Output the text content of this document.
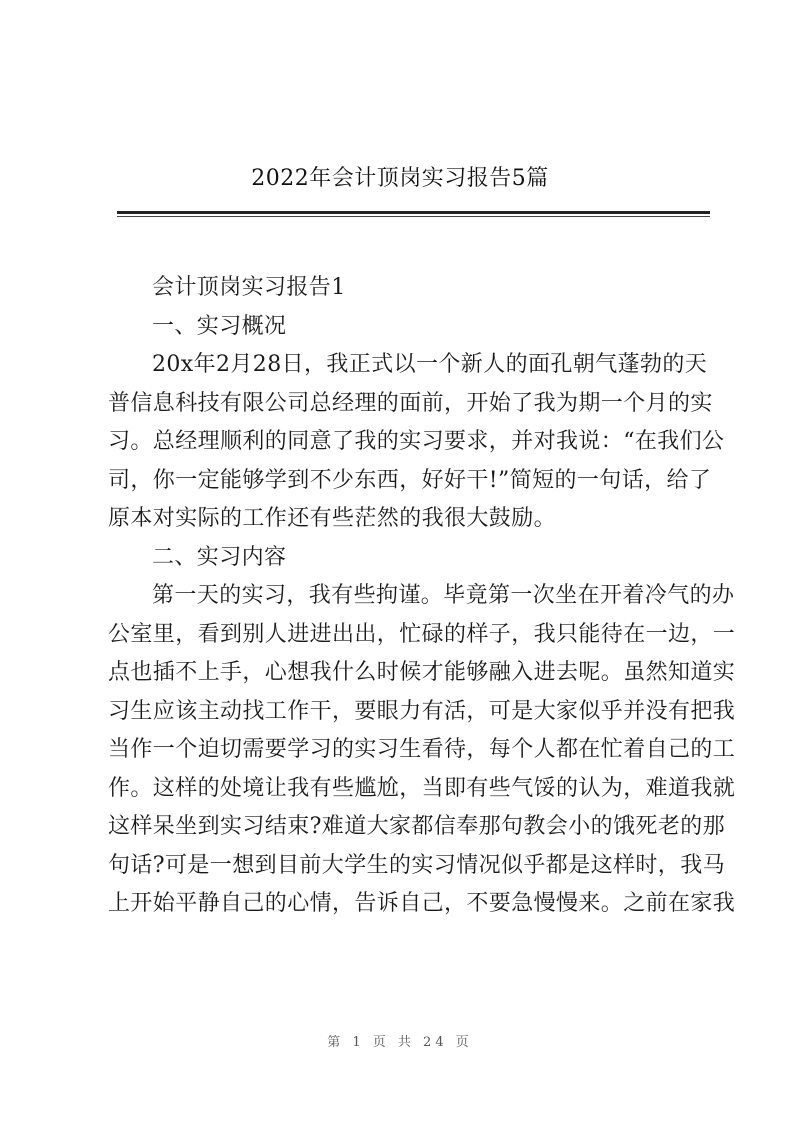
2022年会计顶岗实习报告5篇
会计顶岗实习报告1
一、实习概况
20x年2月28日，我正式以一个新人的面孔朝气蓬勃的天
普信息科技有限公司总经理的面前，开始了我为期一个月的实
习。总经理顺利的同意了我的实习要求，并对我说：“在我们公
司，你一定能够学到不少东西，好好干!”简短的一句话，给了
原本对实际的工作还有些茫然的我很大鼓励。
二、实习内容
第一天的实习，我有些拘谨。毕竟第一次坐在开着冷气的办
公室里，看到别人进进出出，忙碌的样子，我只能待在一边，一
点也插不上手，心想我什么时候才能够融入进去呢。虽然知道实
习生应该主动找工作干，要眼力有活，可是大家似乎并没有把我
当作一个迫切需要学习的实习生看待，每个人都在忙着自己的工
作。这样的处境让我有些尴尬，当即有些气馁的认为，难道我就
这样呆坐到实习结束?难道大家都信奉那句教会小的饿死老的那
句话?可是一想到目前大学生的实习情况似乎都是这样时，我马
上开始平静自己的心情，告诉自己，不要急慢慢来。之前在家我
第 1 页 共 24 页
